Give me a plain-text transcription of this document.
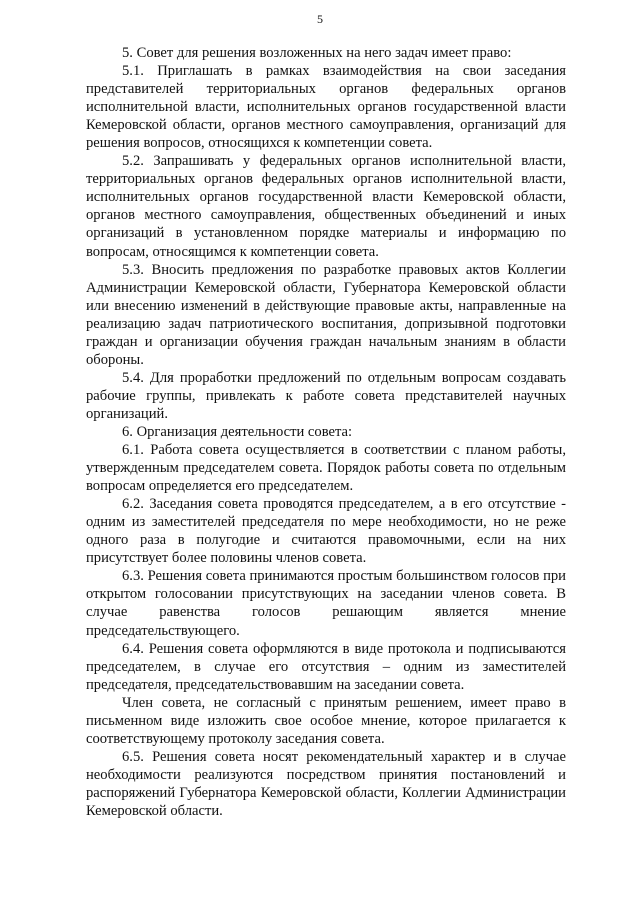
5

5. Совет для решения возложенных на него задач имеет право:

5.1. Приглашать в рамках взаимодействия на свои заседания представителей территориальных органов федеральных органов исполнительной власти, исполнительных органов государственной власти Кемеровской области, органов местного самоуправления, организаций для решения вопросов, относящихся к компетенции совета.

5.2. Запрашивать у федеральных органов исполнительной власти, территориальных органов федеральных органов исполнительной власти, исполнительных органов государственной власти Кемеровской области, органов местного самоуправления, общественных объединений и иных организаций в установленном порядке материалы и информацию по вопросам, относящимся к компетенции совета.

5.3. Вносить предложения по разработке правовых актов Коллегии Администрации Кемеровской области, Губернатора Кемеровской области или внесению изменений в действующие правовые акты, направленные на реализацию задач патриотического воспитания, допризывной подготовки граждан и организации обучения граждан начальным знаниям в области обороны.

5.4. Для проработки предложений по отдельным вопросам создавать рабочие группы, привлекать к работе совета представителей научных организаций.

6. Организация деятельности совета:

6.1. Работа совета осуществляется в соответствии с планом работы, утвержденным председателем совета. Порядок работы совета по отдельным вопросам определяется его председателем.

6.2. Заседания совета проводятся председателем, а в его отсутствие - одним из заместителей председателя по мере необходимости, но не реже одного раза в полугодие и считаются правомочными, если на них присутствует более половины членов совета.

6.3. Решения совета принимаются простым большинством голосов при открытом голосовании присутствующих на заседании членов совета. В случае равенства голосов решающим является мнение председательствующего.

6.4. Решения совета оформляются в виде протокола и подписываются председателем, в случае его отсутствия – одним из заместителей председателя, председательствовавшим на заседании совета.

Член совета, не согласный с принятым решением, имеет право в письменном виде изложить свое особое мнение, которое прилагается к соответствующему протоколу заседания совета.

6.5. Решения совета носят рекомендательный характер и в случае необходимости реализуются посредством принятия постановлений и распоряжений Губернатора Кемеровской области, Коллегии Администрации Кемеровской области.
